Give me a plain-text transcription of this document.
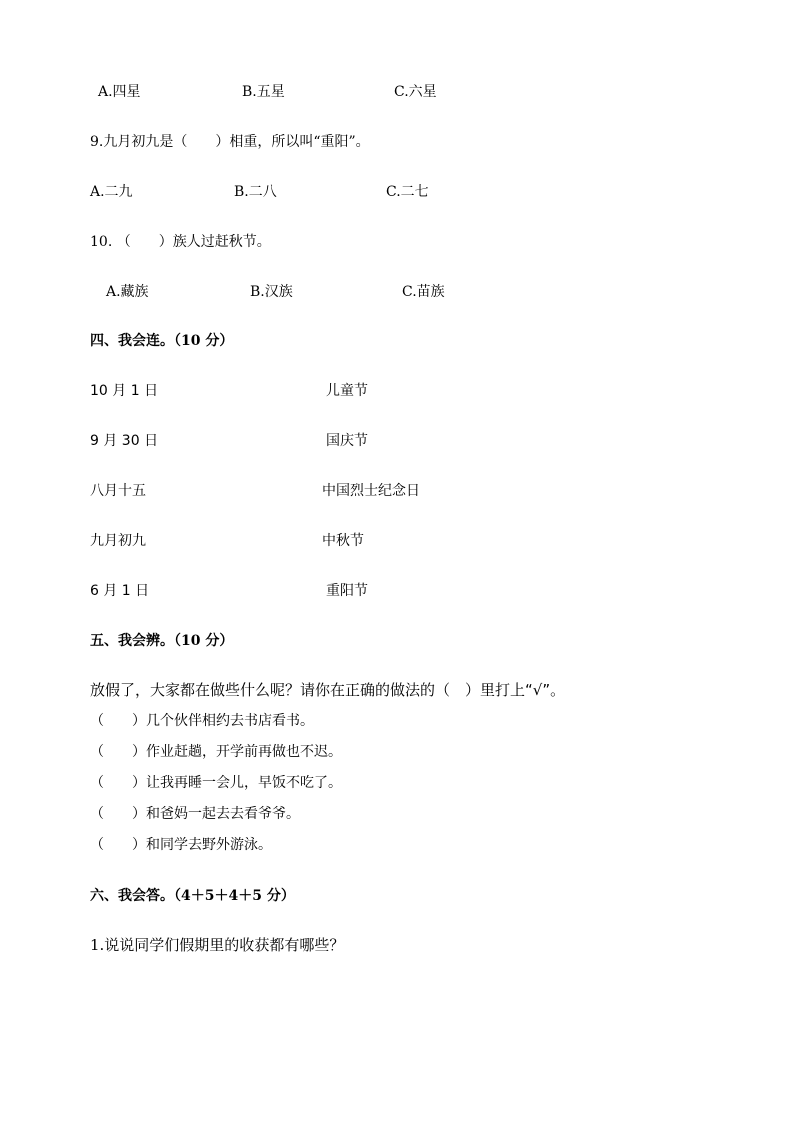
A.四星	B.五星	C.六星
9.九月初九是（　　）相重，所以叫“重阳”。
A.二九	B.二八	C.二七
10. （　　）族人过赶秋节。
A.藏族	B.汉族	C.苗族
四、我会连。（10 分）
10 月 1 日	儿童节
9 月 30 日	国庆节
八月十五	中国烈士纪念日
九月初九	中秋节
6 月 1 日	重阳节
五、我会辨。（10 分）
放假了，大家都在做些什么呢？请你在正确的做法的（　）里打上“√”。
（　　）几个伙伴相约去书店看书。
（　　）作业赶趟，开学前再做也不迟。
（　　）让我再睡一会儿，早饭不吃了。
（　　）和爸妈一起去去看爷爷。
（　　）和同学去野外游泳。
六、我会答。（4＋5＋4＋5 分）
1.说说同学们假期里的收获都有哪些？
